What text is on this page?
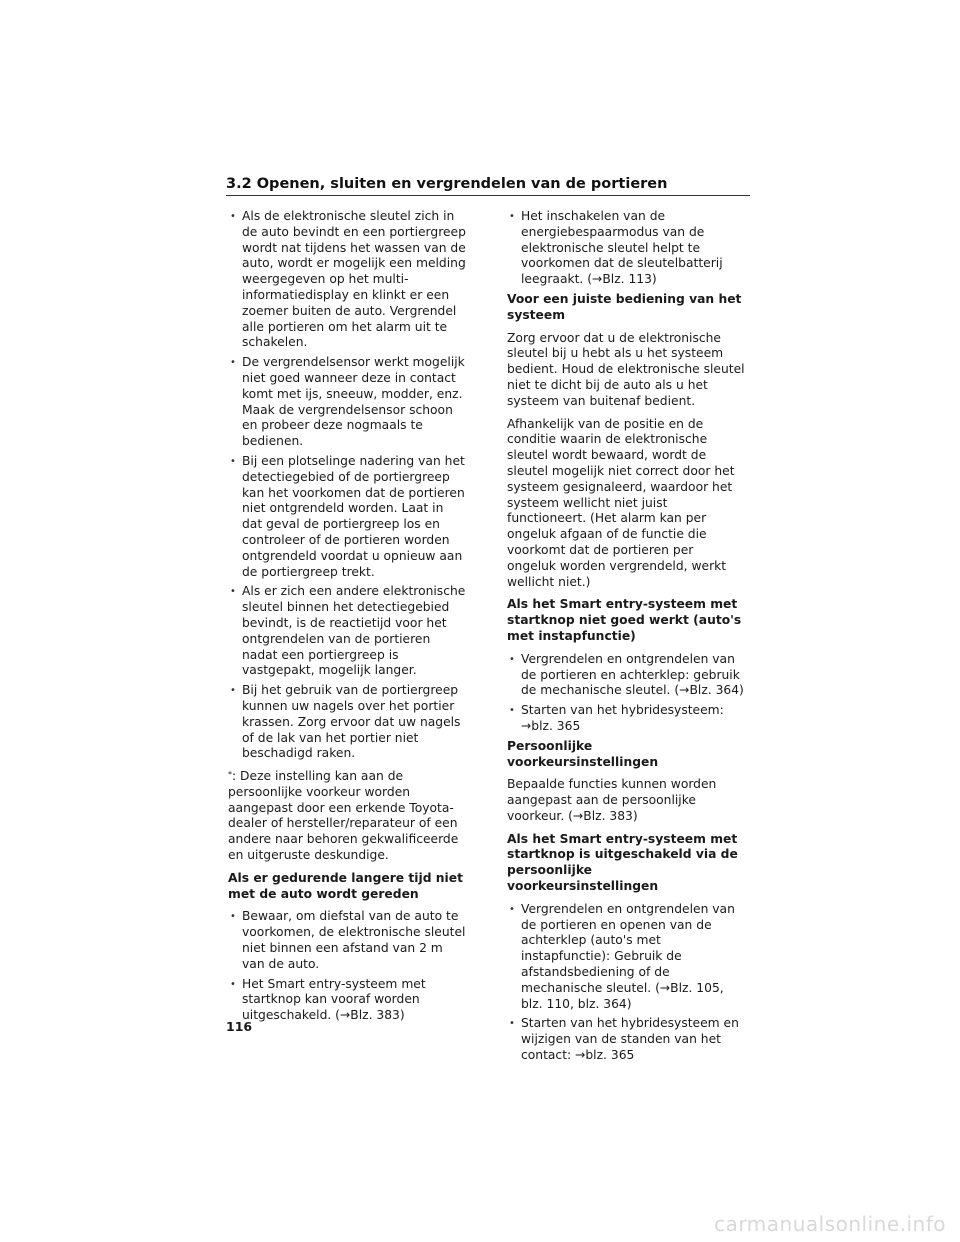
3.2 Openen, sluiten en vergrendelen van de portieren
• Als de elektronische sleutel zich in de auto bevindt en een portiergreep wordt nat tijdens het wassen van de auto, wordt er mogelijk een melding weergegeven op het multi-informatiedisplay en klinkt er een zoemer buiten de auto. Vergrendel alle portieren om het alarm uit te schakelen.
• De vergrendelsensor werkt mogelijk niet goed wanneer deze in contact komt met ijs, sneeuw, modder, enz. Maak de vergrendelsensor schoon en probeer deze nogmaals te bedienen.
• Bij een plotselinge nadering van het detectiegebied of de portiergreep kan het voorkomen dat de portieren niet ontgrendeld worden. Laat in dat geval de portiergreep los en controleer of de portieren worden ontgrendeld voordat u opnieuw aan de portiergreep trekt.
• Als er zich een andere elektronische sleutel binnen het detectiegebied bevindt, is de reactietijd voor het ontgrendelen van de portieren nadat een portiergreep is vastgepakt, mogelijk langer.
• Bij het gebruik van de portiergreep kunnen uw nagels over het portier krassen. Zorg ervoor dat uw nagels of de lak van het portier niet beschadigd raken.
*: Deze instelling kan aan de persoonlijke voorkeur worden aangepast door een erkende Toyota-dealer of hersteller/reparateur of een andere naar behoren gekwalificeerde en uitgeruste deskundige.
Als er gedurende langere tijd niet met de auto wordt gereden
• Bewaar, om diefstal van de auto te voorkomen, de elektronische sleutel niet binnen een afstand van 2 m van de auto.
• Het Smart entry-systeem met startknop kan vooraf worden uitgeschakeld. (→Blz. 383)
• Het inschakelen van de energiebespaarmodus van de elektronische sleutel helpt te voorkomen dat de sleutelbatterij leegraakt. (→Blz. 113)
Voor een juiste bediening van het systeem
Zorg ervoor dat u de elektronische sleutel bij u hebt als u het systeem bedient. Houd de elektronische sleutel niet te dicht bij de auto als u het systeem van buitenaf bedient.
Afhankelijk van de positie en de conditie waarin de elektronische sleutel wordt bewaard, wordt de sleutel mogelijk niet correct door het systeem gesignaleerd, waardoor het systeem wellicht niet juist functioneert. (Het alarm kan per ongeluk afgaan of de functie die voorkomt dat de portieren per ongeluk worden vergrendeld, werkt wellicht niet.)
Als het Smart entry-systeem met startknop niet goed werkt (auto's met instapfunctie)
• Vergrendelen en ontgrendelen van de portieren en achterklep: gebruik de mechanische sleutel. (→Blz. 364)
• Starten van het hybridesysteem: →blz. 365
Persoonlijke voorkeursinstellingen
Bepaalde functies kunnen worden aangepast aan de persoonlijke voorkeur. (→Blz. 383)
Als het Smart entry-systeem met startknop is uitgeschakeld via de persoonlijke voorkeursinstellingen
• Vergrendelen en ontgrendelen van de portieren en openen van de achterklep (auto's met instapfunctie): Gebruik de afstandsbediening of de mechanische sleutel. (→Blz. 105, blz. 110, blz. 364)
• Starten van het hybridesysteem en wijzigen van de standen van het contact: →blz. 365
116
carmanualsonline.info
